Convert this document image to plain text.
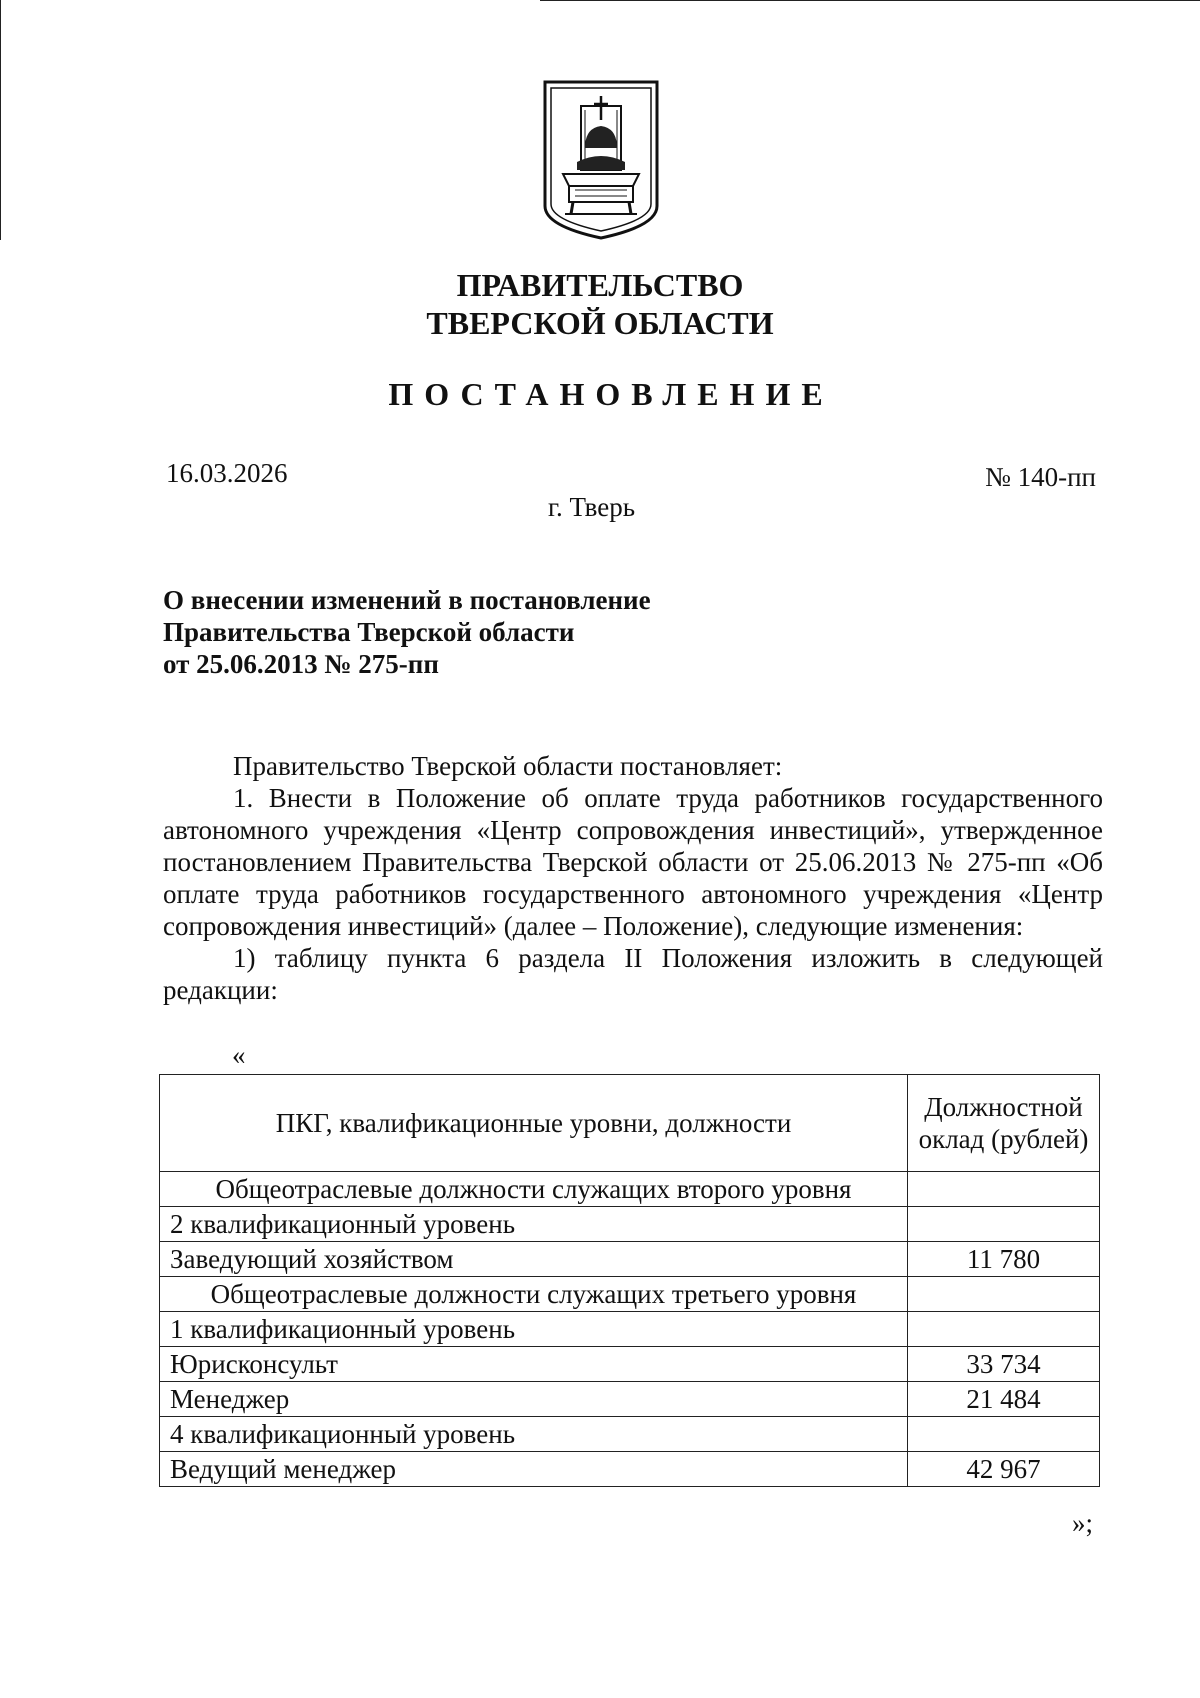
ПРАВИТЕЛЬСТВО
ТВЕРСКОЙ ОБЛАСТИ
ПОСТАНОВЛЕНИЕ
16.03.2026	№ 140-пп
г. Тверь
О внесении изменений в постановление
Правительства Тверской области
от 25.06.2013 № 275-пп

Правительство Тверской области постановляет:

1. Внести в Положение об оплате труда работников государственного автономного учреждения «Центр сопровождения инвестиций», утвержденное постановлением Правительства Тверской области от 25.06.2013 № 275-пп «Об оплате труда работников государственного автономного учреждения «Центр сопровождения инвестиций» (далее – Положение), следующие изменения:

1) таблицу пункта 6 раздела II Положения изложить в следующей редакции:

«
ПКГ, квалификационные уровни, должности	Должностной оклад (рублей)
Общеотраслевые должности служащих второго уровня	
2 квалификационный уровень	
Заведующий хозяйством	11 780
Общеотраслевые должности служащих третьего уровня	
1 квалификационный уровень	
Юрисконсульт	33 734
Менеджер	21 484
4 квалификационный уровень	
Ведущий менеджер	42 967
»;
